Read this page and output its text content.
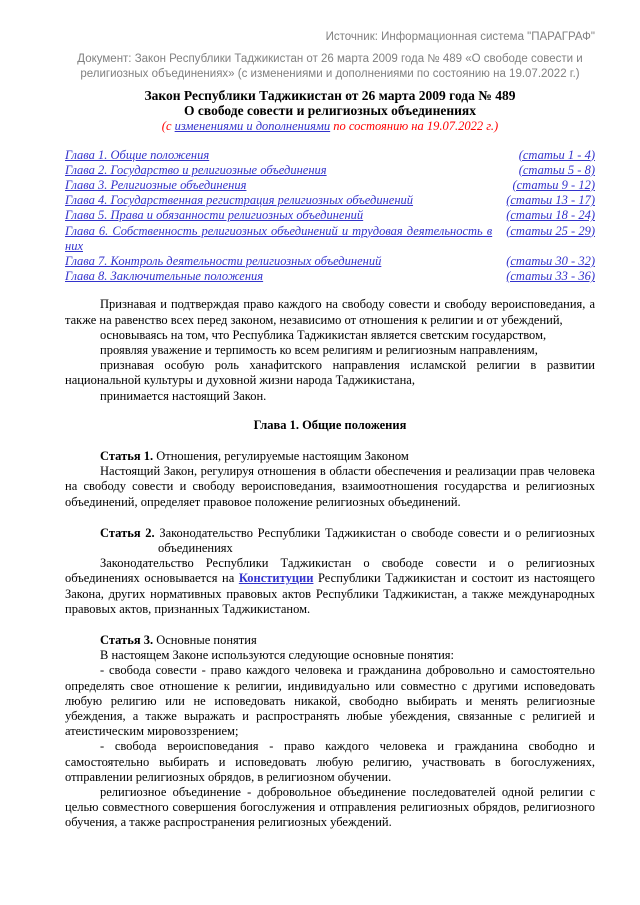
Источник: Информационная система "ПАРАГРАФ"
Документ: Закон Республики Таджикистан от 26 марта 2009 года № 489 «О свободе совести и религиозных объединениях» (с изменениями и дополнениями по состоянию на 19.07.2022 г.)
Закон Республики Таджикистан от 26 марта 2009 года № 489
О свободе совести и религиозных объединениях
(с изменениями и дополнениями по состоянию на 19.07.2022 г.)
Глава 1. Общие положения	(статьи 1 - 4)
Глава 2. Государство и религиозные объединения	(статьи 5 - 8)
Глава 3. Религиозные объединения	(статьи 9 - 12)
Глава 4. Государственная регистрация религиозных объединений	(статьи 13 - 17)
Глава 5. Права и обязанности религиозных объединений	(статьи 18 - 24)
Глава 6. Собственность религиозных объединений и трудовая деятельность в них
(статьи 25 - 29)
Глава 7. Контроль деятельности религиозных объединений	(статьи 30 - 32)
Глава 8. Заключительные положения	(статьи 33 - 36)

Признавая и подтверждая право каждого на свободу совести и свободу вероисповедания, а также на равенство всех перед законом, независимо от отношения к религии и от убеждений,

основываясь на том, что Республика Таджикистан является светским государством,

проявляя уважение и терпимость ко всем религиям и религиозным направлениям,

признавая особую роль ханафитского направления исламской религии в развитии национальной культуры и духовной жизни народа Таджикистана,

принимается настоящий Закон.

Глава 1. Общие положения

Статья 1. Отношения, регулируемые настоящим Законом

Настоящий Закон, регулируя отношения в области обеспечения и реализации прав человека на свободу совести и свободу вероисповедания, взаимоотношения государства и религиозных объединений, определяет правовое положение религиозных объединений.

Статья 2. Законодательство Республики Таджикистан о свободе совести и о религиозных объединениях

Законодательство Республики Таджикистан о свободе совести и о религиозных объединениях основывается на Конституции Республики Таджикистан и состоит из настоящего Закона, других нормативных правовых актов Республики Таджикистан, а также международных правовых актов, признанных Таджикистаном.

Статья 3. Основные понятия

В настоящем Законе используются следующие основные понятия:

- свобода совести - право каждого человека и гражданина добровольно и самостоятельно определять свое отношение к религии, индивидуально или совместно с другими исповедовать любую религию или не исповедовать никакой, свободно выбирать и менять религиозные убеждения, а также выражать и распространять любые убеждения, связанные с религией и атеистическим мировоззрением;

- свобода вероисповедания - право каждого человека и гражданина свободно и самостоятельно выбирать и исповедовать любую религию, участвовать в богослужениях, отправлении религиозных обрядов, в религиозном обучении.

религиозное объединение - добровольное объединение последователей одной религии с целью совместного совершения богослужения и отправления религиозных обрядов, религиозного обучения, а также распространения религиозных убеждений.
